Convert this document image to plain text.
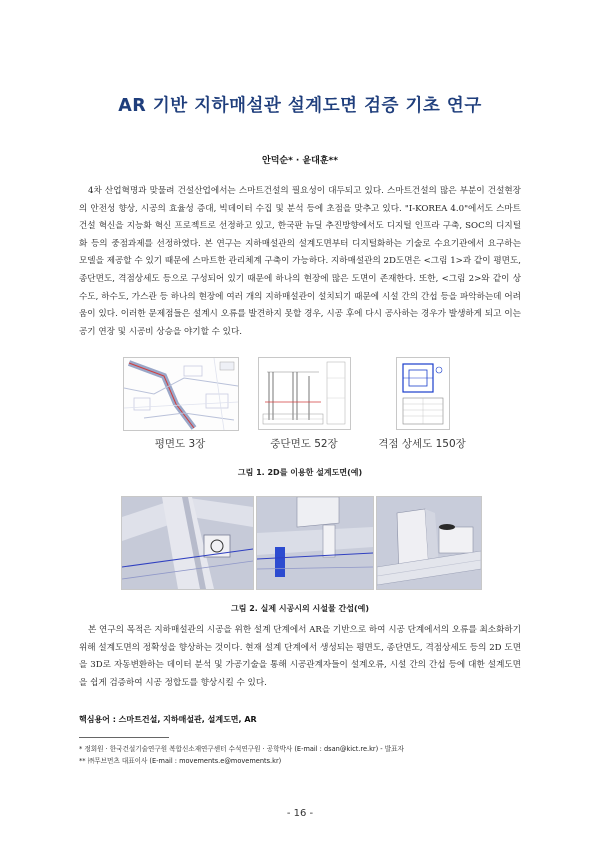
AR 기반 지하매설관 설계도면 검증 기초 연구
안덕순* · 윤대훈**
4차 산업혁명과 맞물려 건설산업에서는 스마트건설의 필요성이 대두되고 있다. 스마트건설의 많은 부분이 건설현장의 안전성 향상, 시공의 효율성 증대, 빅데이터 수집 및 분석 등에 초점을 맞추고 있다. "I-KOREA 4.0"에서도 스마트건설 혁신을 지능화 혁신 프로젝트로 선정하고 있고, 한국판 뉴딜 추진방향에서도 디지털 인프라 구축, SOC의 디지털화 등의 중점과제를 선정하였다. 본 연구는 지하매설관의 설계도면부터 디지털화하는 기술로 수요기관에서 요구하는 모델을 제공할 수 있기 때문에 스마트한 관리체계 구축이 가능하다. 지하매설관의 2D도면은 <그림 1>과 같이 평면도, 종단면도, 격점상세도 등으로 구성되어 있기 때문에 하나의 현장에 많은 도면이 존재한다. 또한, <그림 2>와 같이 상수도, 하수도, 가스관 등 하나의 현장에 여러 개의 지하매설관이 설치되기 때문에 시설 간의 간섭 등을 파악하는데 어려움이 있다. 이러한 문제점들은 설계시 오류를 발견하지 못할 경우, 시공 후에 다시 공사하는 경우가 발생하게 되고 이는 공기 연장 및 시공비 상승을 야기할 수 있다.
평면도 3장	중단면도 52장	격점 상세도 150장
그림 1. 2D를 이용한 설계도면(예)
그림 2. 실제 시공시의 시설물 간섭(예)
본 연구의 목적은 지하매설관의 시공을 위한 설계 단계에서 AR을 기반으로 하여 시공 단계에서의 오류를 최소화하기 위해 설계도면의 정확성을 향상하는 것이다. 현재 설계 단계에서 생성되는 평면도, 종단면도, 격점상세도 등의 2D 도면을 3D로 자동변환하는 데이터 분석 및 가공기술을 통해 시공관계자들이 설계오류, 시설 간의 간섭 등에 대한 설계도면을 쉽게 검증하여 시공 정합도를 향상시킬 수 있다.
핵심용어 : 스마트건설, 지하매설관, 설계도면, AR
* 정회원 · 한국건설기술연구원 복합신소재연구센터 수석연구원 · 공학박사 (E-mail : dsan@kict.re.kr) - 발표자
** ㈜무브먼츠 대표이사 (E-mail : movements.e@movements.kr)
- 16 -
